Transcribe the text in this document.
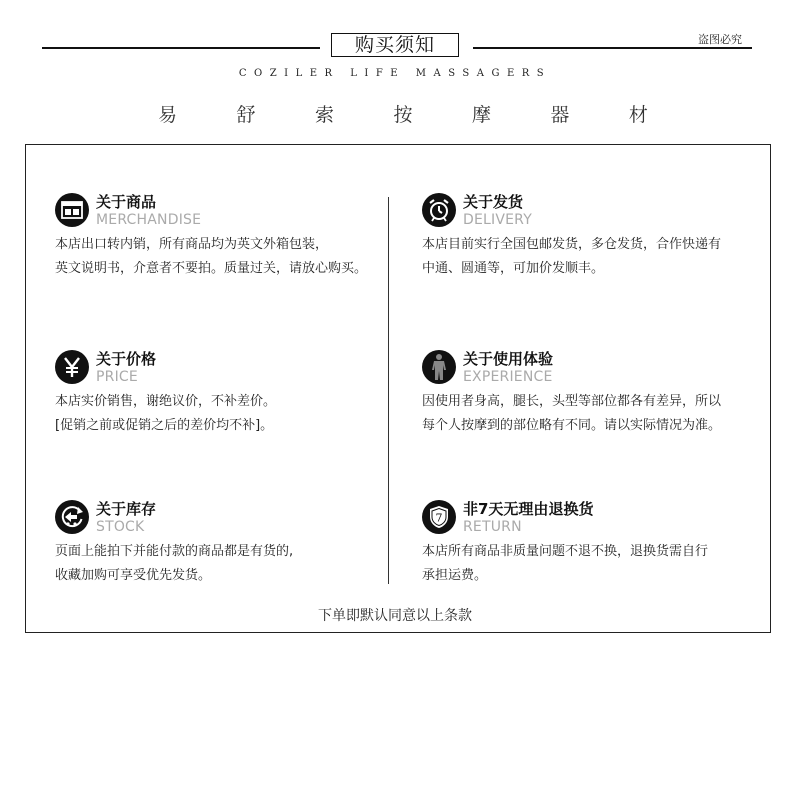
购买须知	盗图必究
COZILER LIFE MASSAGERS
易	舒	索	按	摩	器	材
关于商品
MERCHANDISE
本店出口转内销，所有商品均为英文外箱包装，
英文说明书，介意者不要拍。质量过关，请放心购买。
关于发货
DELIVERY
本店目前实行全国包邮发货，多仓发货，合作快递有
中通、圆通等，可加价发顺丰。
关于价格
PRICE
本店实价销售，谢绝议价，不补差价。
[促销之前或促销之后的差价均不补]。
关于使用体验
EXPERIENCE
因使用者身高，腿长，头型等部位都各有差异，所以
每个人按摩到的部位略有不同。请以实际情况为准。
关于库存
STOCK
页面上能拍下并能付款的商品都是有货的,
收藏加购可享受优先发货。
7 非7天无理由退换货
RETURN
本店所有商品非质量问题不退不换，退换货需自行
承担运费。
下单即默认同意以上条款
